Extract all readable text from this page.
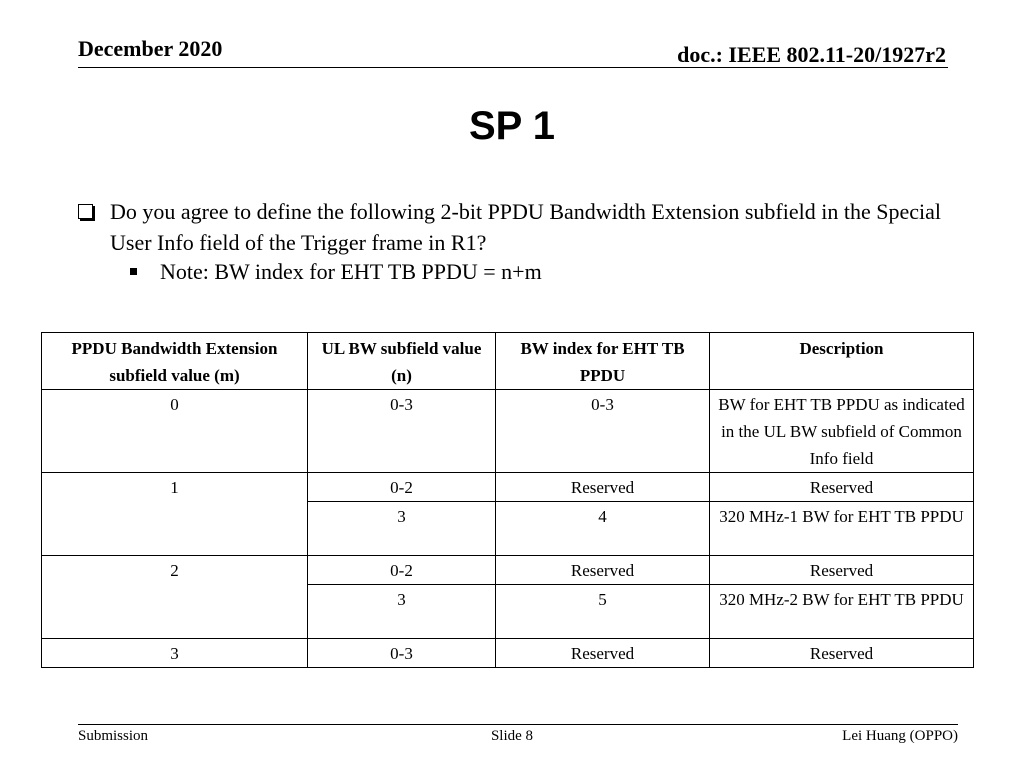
December 2020	doc.: IEEE 802.11-20/1927r2
SP 1
Do you agree to define the following 2-bit PPDU Bandwidth Extension subfield in the Special User Info field of the Trigger frame in R1?
Note: BW index for EHT TB PPDU = n+m
PPDU Bandwidth Extension subfield value (m)	UL BW subfield value (n)	BW index for EHT TB PPDU	Description
0	0-3	0-3	BW for EHT TB PPDU as indicated in the UL BW subfield of Common Info field
1	0-2	Reserved	Reserved
	3	4	320 MHz-1 BW for EHT TB PPDU
2	0-2	Reserved	Reserved
	3	5	320 MHz-2 BW for EHT TB PPDU
3	0-3	Reserved	Reserved
Submission	Slide 8	Lei Huang (OPPO)
